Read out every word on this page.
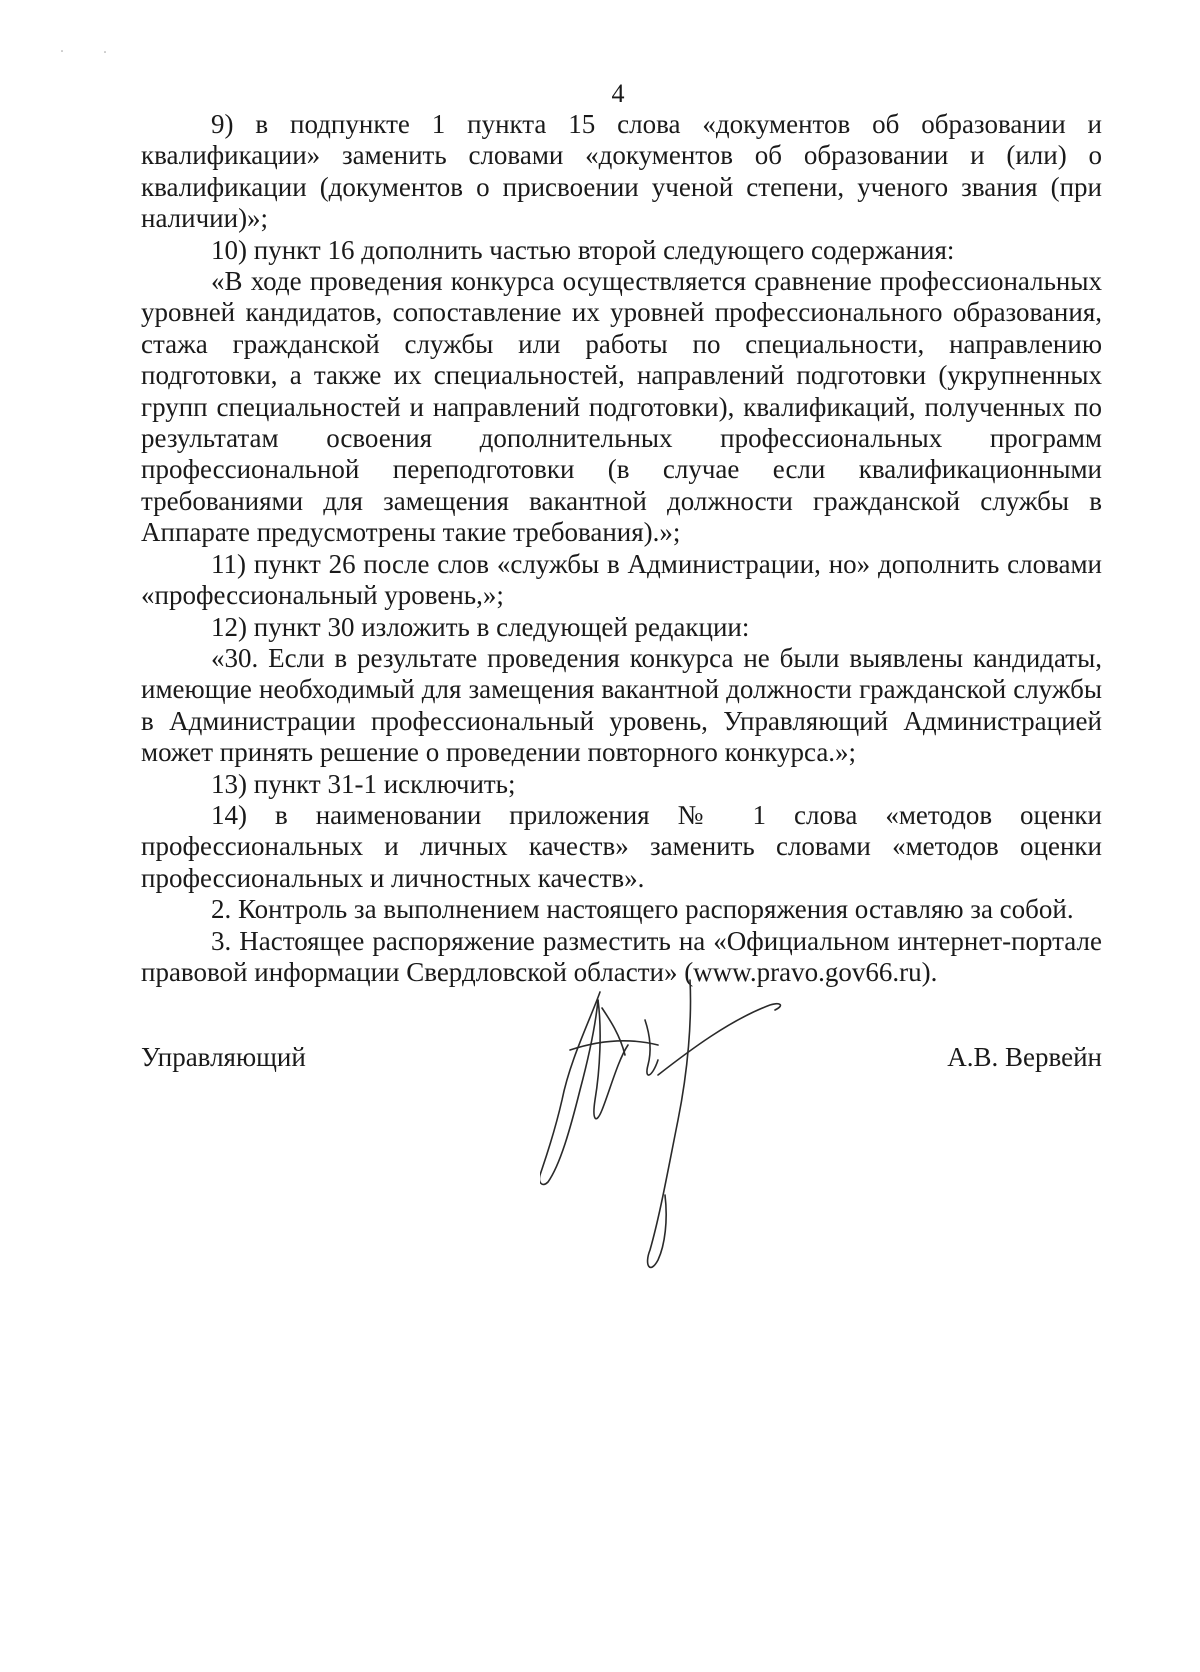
4

9) в подпункте 1 пункта 15 слова «документов об образовании и квалификации» заменить словами «документов об образовании и (или) о квалификации (документов о присвоении ученой степени, ученого звания (при наличии)»;

10) пункт 16 дополнить частью второй следующего содержания:

«В ходе проведения конкурса осуществляется сравнение профессиональных уровней кандидатов, сопоставление их уровней профессионального образования, стажа гражданской службы или работы по специальности, направлению подготовки, а также их специальностей, направлений подготовки (укрупненных групп специальностей и направлений подготовки), квалификаций, полученных по результатам освоения дополнительных профессиональных программ профессиональной переподготовки (в случае если квалификационными требованиями для замещения вакантной должности гражданской службы в Аппарате предусмотрены такие требования).»;

11) пункт 26 после слов «службы в Администрации, но» дополнить словами «профессиональный уровень,»;

12) пункт 30 изложить в следующей редакции:

«30. Если в результате проведения конкурса не были выявлены кандидаты, имеющие необходимый для замещения вакантной должности гражданской службы в Администрации профессиональный уровень, Управляющий Администрацией может принять решение о проведении повторного конкурса.»;

13) пункт 31-1 исключить;

14) в наименовании приложения № 1 слова «методов оценки профессиональных и личных качеств» заменить словами «методов оценки профессиональных и личностных качеств».

2. Контроль за выполнением настоящего распоряжения оставляю за собой.

3. Настоящее распоряжение разместить на «Официальном интернет-портале правовой информации Свердловской области» (www.pravo.gov66.ru).

Управляющий	А.В. Вервейн
